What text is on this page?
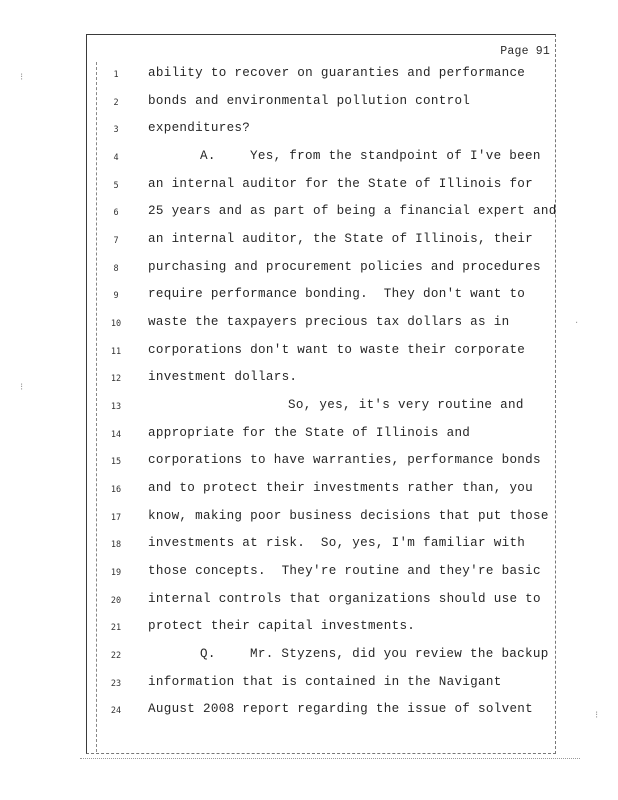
⁝
⁝
·
⁝
Page 91
1	ability to recover on guaranties and performance
2	bonds and environmental pollution control
3	expenditures?
4	A.	Yes, from the standpoint of I've been
5	an internal auditor for the State of Illinois for
6	25 years and as part of being a financial expert and
7	an internal auditor, the State of Illinois, their
8	purchasing and procurement policies and procedures
9	require performance bonding.  They don't want to
10	waste the taxpayers precious tax dollars as in
11	corporations don't want to waste their corporate
12	investment dollars.
13	So, yes, it's very routine and
14	appropriate for the State of Illinois and
15	corporations to have warranties, performance bonds
16	and to protect their investments rather than, you
17	know, making poor business decisions that put those
18	investments at risk.  So, yes, I'm familiar with
19	those concepts.  They're routine and they're basic
20	internal controls that organizations should use to
21	protect their capital investments.
22	Q.	Mr. Styzens, did you review the backup
23	information that is contained in the Navigant
24	August 2008 report regarding the issue of solvent
